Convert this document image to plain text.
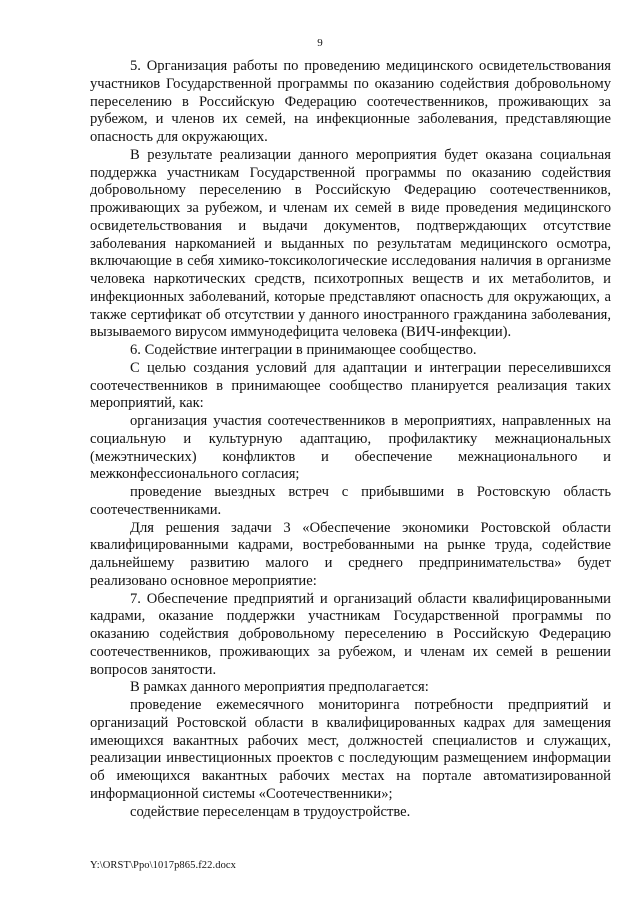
9

5. Организация работы по проведению медицинского освидетельствования участников Государственной программы по оказанию содействия добровольному переселению в Российскую Федерацию соотечественников, проживающих за рубежом, и членов их семей, на инфекционные заболевания, представляющие опасность для окружающих.

В результате реализации данного мероприятия будет оказана социальная поддержка участникам Государственной программы по оказанию содействия добровольному переселению в Российскую Федерацию соотечественников, проживающих за рубежом, и членам их семей в виде проведения медицинского освидетельствования и выдачи документов, подтверждающих отсутствие заболевания наркоманией и выданных по результатам медицинского осмотра, включающие в себя химико-токсикологические исследования наличия в организме человека наркотических средств, психотропных веществ и их метаболитов, и инфекционных заболеваний, которые представляют опасность для окружающих, а также сертификат об отсутствии у данного иностранного гражданина заболевания, вызываемого вирусом иммунодефицита человека (ВИЧ-инфекции).

6. Содействие интеграции в принимающее сообщество.

С целью создания условий для адаптации и интеграции переселившихся соотечественников в принимающее сообщество планируется реализация таких мероприятий, как:

организация участия соотечественников в мероприятиях, направленных на социальную и культурную адаптацию, профилактику межнациональных (межэтнических) конфликтов и обеспечение межнационального и межконфессионального согласия;

проведение выездных встреч с прибывшими в Ростовскую область соотечественниками.

Для решения задачи 3 «Обеспечение экономики Ростовской области квалифицированными кадрами, востребованными на рынке труда, содействие дальнейшему развитию малого и среднего предпринимательства» будет реализовано основное мероприятие:

7. Обеспечение предприятий и организаций области квалифицированными кадрами, оказание поддержки участникам Государственной программы по оказанию содействия добровольному переселению в Российскую Федерацию соотечественников, проживающих за рубежом, и членам их семей в решении вопросов занятости.

В рамках данного мероприятия предполагается:

проведение ежемесячного мониторинга потребности предприятий и организаций Ростовской области в квалифицированных кадрах для замещения имеющихся вакантных рабочих мест, должностей специалистов и служащих, реализации инвестиционных проектов с последующим размещением информации об имеющихся вакантных рабочих местах на портале автоматизированной информационной системы «Соотечественники»;

содействие переселенцам в трудоустройстве.

Y:\ORST\Ppo\1017p865.f22.docx
